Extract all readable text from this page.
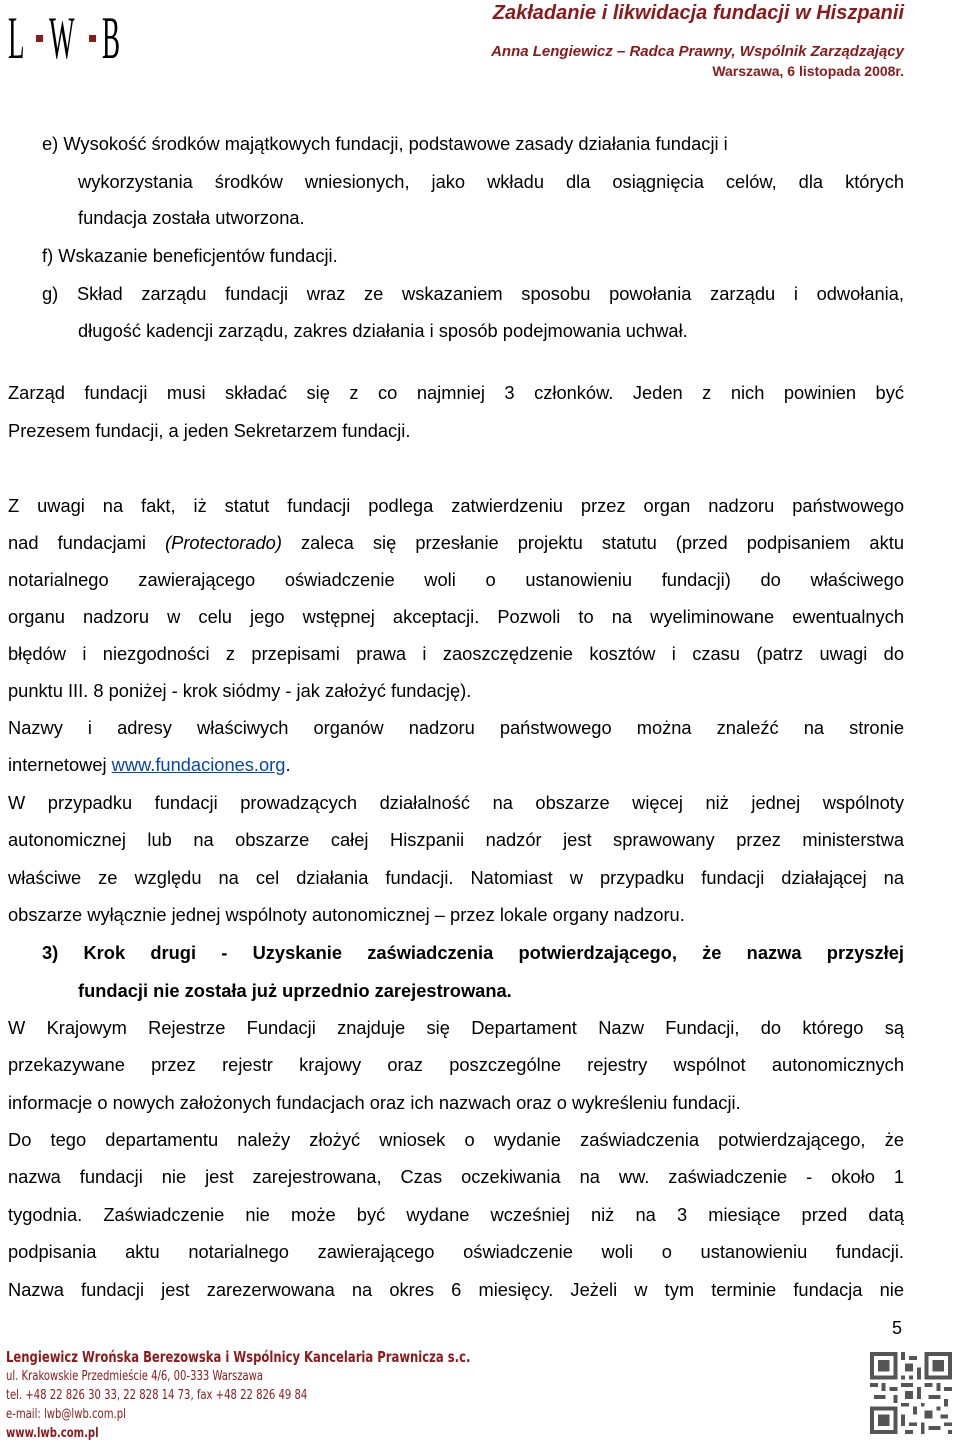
L W B	Zakładanie i likwidacja fundacji w Hiszpanii
Anna Lengiewicz – Radca Prawny, Wspólnik Zarządzający
Warszawa, 6 listopada 2008r.
e) Wysokość środków majątkowych fundacji, podstawowe zasady działania fundacji i
wykorzystania środków wniesionych, jako wkładu dla osiągnięcia celów, dla których
fundacja została utworzona.
f) Wskazanie beneficjentów fundacji.
g) Skład zarządu fundacji wraz ze wskazaniem sposobu powołania zarządu i odwołania,
długość kadencji zarządu, zakres działania i sposób podejmowania uchwał.
Zarząd fundacji musi składać się z co najmniej 3 członków. Jeden z nich powinien być
Prezesem fundacji, a jeden Sekretarzem fundacji.
Z uwagi na fakt, iż statut fundacji podlega zatwierdzeniu przez organ nadzoru państwowego
nad fundacjami (Protectorado) zaleca się przesłanie projektu statutu (przed podpisaniem aktu
notarialnego zawierającego oświadczenie woli o ustanowieniu fundacji) do właściwego
organu nadzoru w celu jego wstępnej akceptacji. Pozwoli to na wyeliminowane ewentualnych
błędów i niezgodności z przepisami prawa i zaoszczędzenie kosztów i czasu (patrz uwagi do
punktu III. 8 poniżej - krok siódmy - jak założyć fundację).
Nazwy i adresy właściwych organów nadzoru państwowego można znaleźć na stronie
internetowej www.fundaciones.org.
W przypadku fundacji prowadzących działalność na obszarze więcej niż jednej wspólnoty
autonomicznej lub na obszarze całej Hiszpanii nadzór jest sprawowany przez ministerstwa
właściwe ze względu na cel działania fundacji. Natomiast w przypadku fundacji działającej na
obszarze wyłącznie jednej wspólnoty autonomicznej – przez lokale organy nadzoru.
3) Krok drugi - Uzyskanie zaświadczenia potwierdzającego, że nazwa przyszłej
fundacji nie została już uprzednio zarejestrowana.
W Krajowym Rejestrze Fundacji znajduje się Departament Nazw Fundacji, do którego są
przekazywane przez rejestr krajowy oraz poszczególne rejestry wspólnot autonomicznych
informacje o nowych założonych fundacjach oraz ich nazwach oraz o wykreśleniu fundacji.
Do tego departamentu należy złożyć wniosek o wydanie zaświadczenia potwierdzającego, że
nazwa fundacji nie jest zarejestrowana, Czas oczekiwania na ww. zaświadczenie - około 1
tygodnia. Zaświadczenie nie może być wydane wcześniej niż na 3 miesiące przed datą
podpisania aktu notarialnego zawierającego oświadczenie woli o ustanowieniu fundacji.
Nazwa fundacji jest zarezerwowana na okres 6 miesięcy. Jeżeli w tym terminie fundacja nie
5
Lengiewicz Wrońska Berezowska i Wspólnicy Kancelaria Prawnicza s.c.
ul. Krakowskie Przedmieście 4/6, 00-333 Warszawa
tel. +48 22 826 30 33, 22 828 14 73, fax +48 22 826 49 84
e-mail: lwb@lwb.com.pl
www.lwb.com.pl
